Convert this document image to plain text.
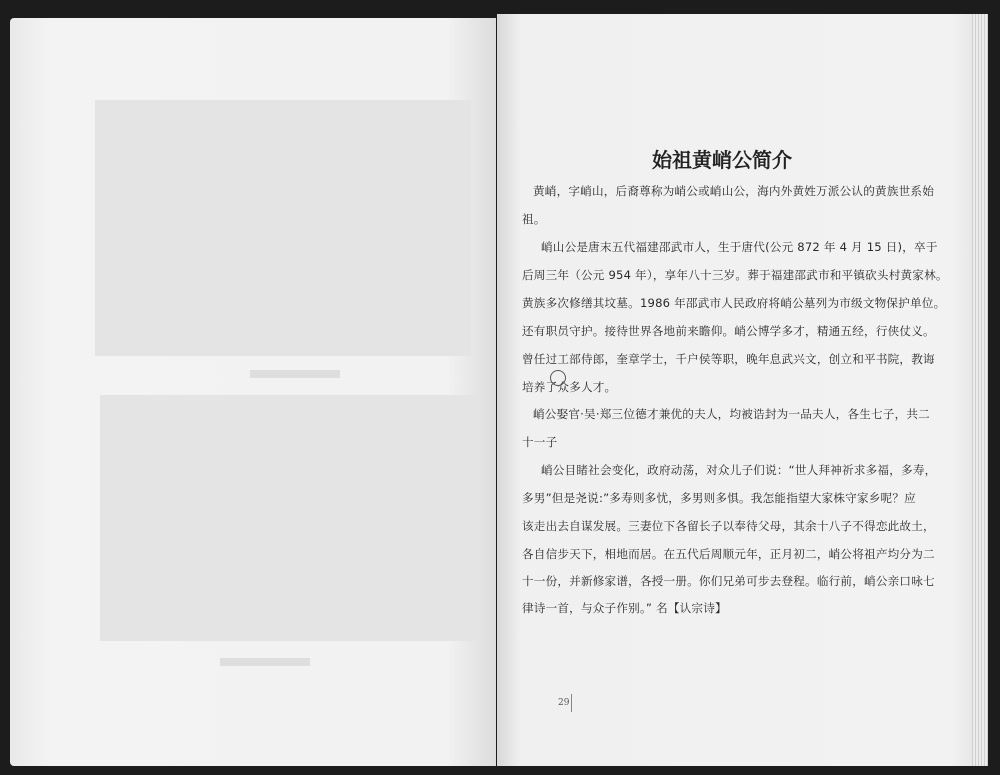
始祖黄峭公简介
黄峭，字峭山，后裔尊称为峭公或峭山公，海内外黄姓万派公认的黄族世系始
祖。
峭山公是唐末五代福建邵武市人，生于唐代(公元 872 年 4 月 15 日)，卒于
后周三年（公元 954 年），享年八十三岁。葬于福建邵武市和平镇砍头村黄家林。
黄族多次修缮其坟墓。1986 年邵武市人民政府将峭公墓列为市级文物保护单位。
还有职员守护。接待世界各地前来瞻仰。峭公博学多才，精通五经，行侠仗义。
曾任过工部侍郎，奎章学士，千户侯等职，晚年息武兴文，创立和平书院，教诲
培养了众多人才。
峭公娶官·吴·郑三位德才兼优的夫人，均被诰封为一品夫人，各生七子，共二
十一子
峭公目睹社会变化，政府动荡，对众儿子们说：“世人拜神祈求多福，多寿，
多男”但是尧说:”多寿则多忧，多男则多惧。我怎能指望大家株守家乡呢？应
该走出去自谋发展。三妻位下各留长子以奉待父母，其余十八子不得恋此故土，
各自信步天下，相地而居。在五代后周顺元年，正月初二，峭公将祖产均分为二
十一份，并新修家谱，各授一册。你们兄弟可步去登程。临行前，峭公亲口咏七
律诗一首，与众子作别。” 名【认宗诗】
29
